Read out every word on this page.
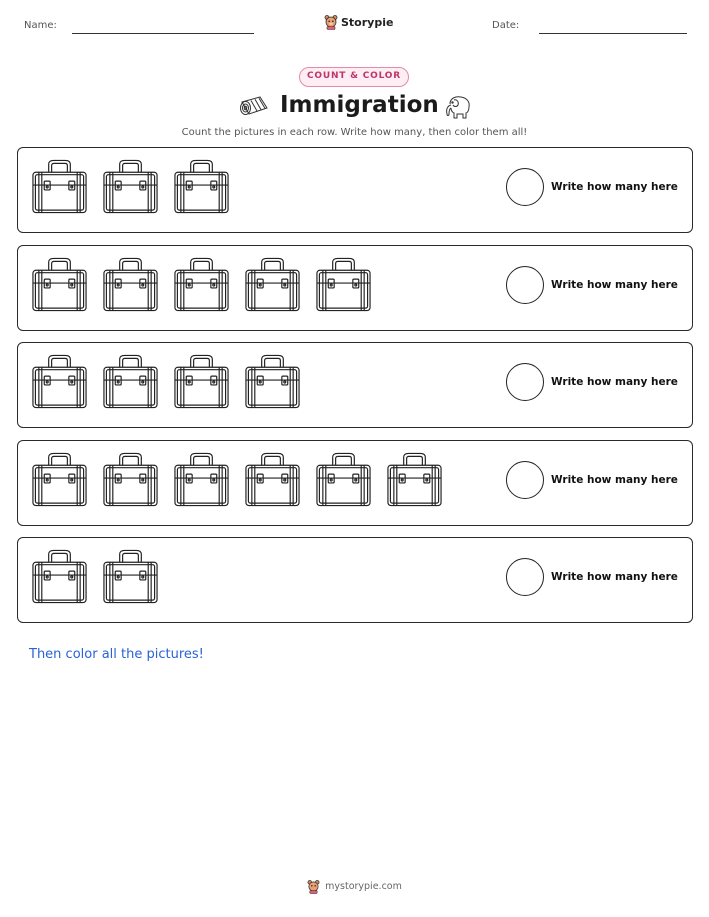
Name:	Storypie	Date:
COUNT & COLOR
Immigration
Count the pictures in each row. Write how many, then color them all!
Write how many here
Write how many here
Write how many here
Write how many here
Write how many here
Then color all the pictures!
mystorypie.com
